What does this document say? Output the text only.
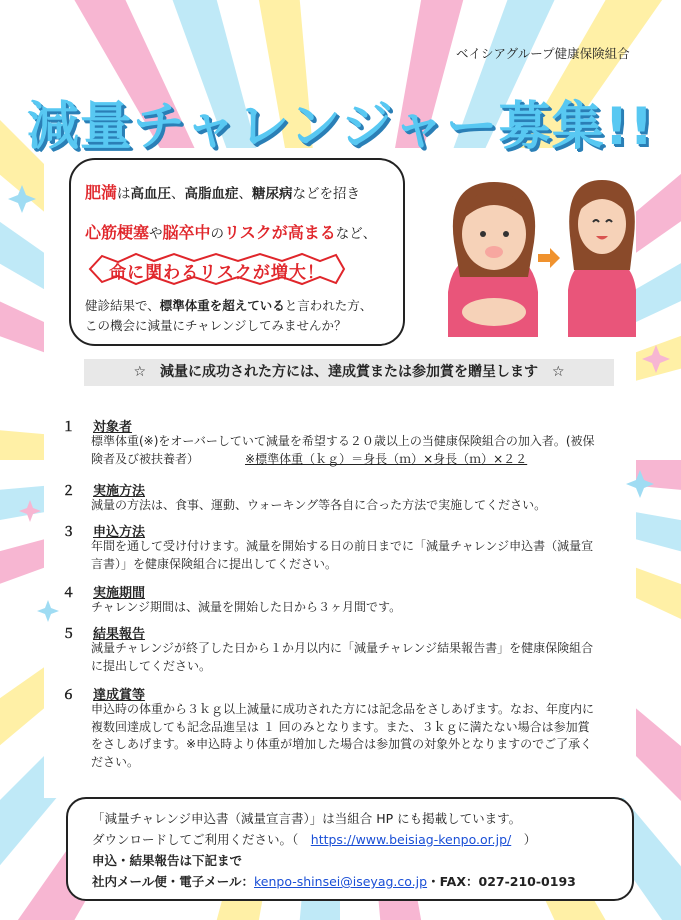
ベイシアグループ健康保険組合
減量チャレンジャー募集!!
肥満は高血圧、高脂血症、糖尿病などを招き
心筋梗塞や脳卒中のリスクが高まるなど、

健診結果で、標準体重を超えていると言われた方、

この機会に減量にチャレンジしてみませんか？

命に関わるリスクが増大！
☆　減量に成功された方には、達成賞または参加賞を贈呈します　☆
１ 対象者
標準体重(※)をオーバーしていて減量を希望する２０歳以上の当健康保険組合の加入者。(被保
険者及び被扶養者）	※標準体重（ｋｇ）＝身長（ｍ）×身長（ｍ）×２２
２ 実施方法
減量の方法は、食事、運動、ウォーキング等各自に合った方法で実施してください。
３ 申込方法
年間を通して受け付けます。減量を開始する日の前日までに「減量チャレンジ申込書（減量宣
言書）」を健康保険組合に提出してください。
４ 実施期間
チャレンジ期間は、減量を開始した日から３ヶ月間です。
５ 結果報告
減量チャレンジが終了した日から１か月以内に「減量チャレンジ結果報告書」を健康保険組合
に提出してください。
６ 達成賞等
申込時の体重から３ｋｇ以上減量に成功された方には記念品をさしあげます。なお、年度内に
複数回達成しても記念品進呈は １ 回のみとなります。また、３ｋｇに満たない場合は参加賞
をさしあげます。※申込時より体重が増加した場合は参加賞の対象外となりますのでご了承く
ださい。

「減量チャレンジ申込書（減量宣言書）」は当組合 HP にも掲載しています。

ダウンロードしてご利用ください。（　https://www.beisiag-kenpo.or.jp/　）

申込・結果報告は下記まで

社内メール便・電子メール：kenpo-shinsei@iseyag.co.jp・FAX：027-210-0193
